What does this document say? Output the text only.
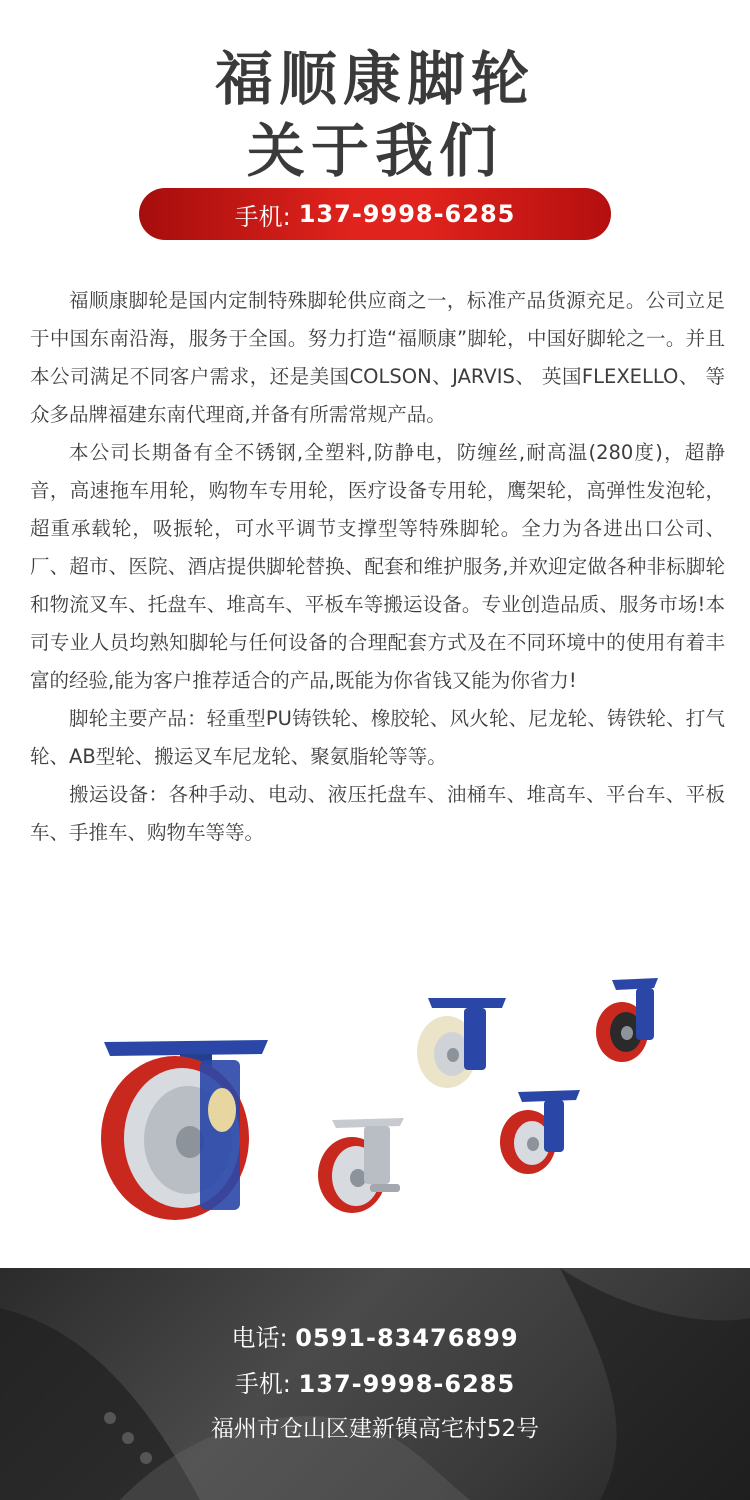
福顺康脚轮
关于我们
手机: 137-9998-6285

福顺康脚轮是国内定制特殊脚轮供应商之一，标准产品货源充足。公司立足于中国东南沿海，服务于全国。努力打造“福顺康”脚轮，中国好脚轮之一。并且本公司满足不同客户需求，还是美国COLSON、JARVIS、 英国FLEXELLO、 等众多品牌福建东南代理商,并备有所需常规产品。

本公司长期备有全不锈钢,全塑料,防静电，防缠丝,耐高温(280度)，超静音，高速拖车用轮，购物车专用轮，医疗设备专用轮，鹰架轮，高弹性发泡轮，超重承载轮，吸振轮，可水平调节支撑型等特殊脚轮。全力为各进出口公司、厂、超市、医院、酒店提供脚轮替换、配套和维护服务,并欢迎定做各种非标脚轮和物流叉车、托盘车、堆高车、平板车等搬运设备。专业创造品质、服务市场!本司专业人员均熟知脚轮与任何设备的合理配套方式及在不同环境中的使用有着丰富的经验,能为客户推荐适合的产品,既能为你省钱又能为你省力!

脚轮主要产品：轻重型PU铸铁轮、橡胶轮、风火轮、尼龙轮、铸铁轮、打气轮、AB型轮、搬运叉车尼龙轮、聚氨脂轮等等。

搬运设备：各种手动、电动、液压托盘车、油桶车、堆高车、平台车、平板车、手推车、购物车等等。

电话: 0591-83476899
手机: 137-9998-6285
福州市仓山区建新镇高宅村52号
